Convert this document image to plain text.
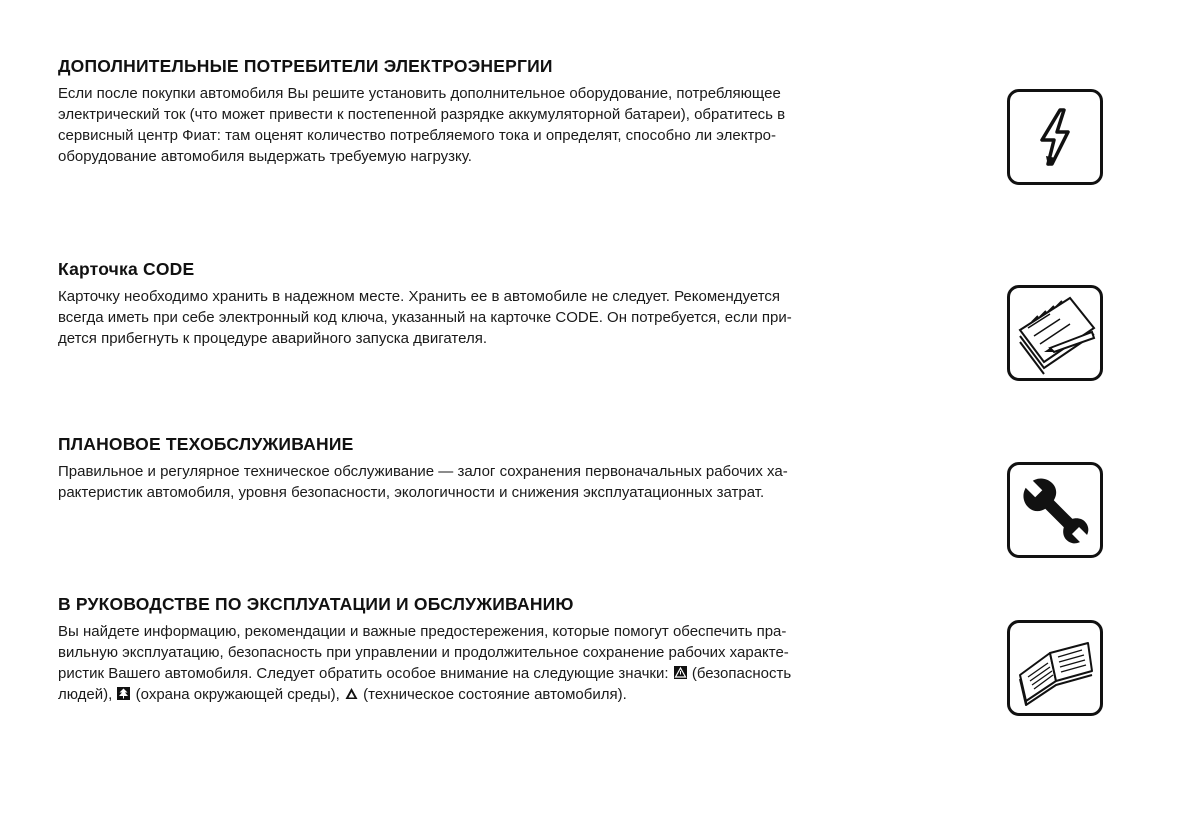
ДОПОЛНИТЕЛЬНЫЕ ПОТРЕБИТЕЛИ ЭЛЕКТРОЭНЕРГИИ

Если после покупки автомобиля Вы решите установить дополнительное оборудование, потребляющее
электрический ток (что может привести к постепенной разрядке аккумуляторной батареи), обратитесь в
сервисный центр Фиат: там оценят количество потребляемого тока и определят, способно ли электро-
оборудование автомобиля выдержать требуемую нагрузку.

Карточка CODE

Карточку необходимо хранить в надежном месте. Хранить ее в автомобиле не следует. Рекомендуется
всегда иметь при себе электронный код ключа, указанный на карточке CODE. Он потребуется, если при-
дется прибегнуть к процедуре аварийного запуска двигателя.

ПЛАНОВОЕ ТЕХОБСЛУЖИВАНИЕ

Правильное и регулярное техническое обслуживание — залог сохранения первоначальных рабочих ха-
рактеристик автомобиля, уровня безопасности, экологичности и снижения эксплуатационных затрат.

В РУКОВОДСТВЕ ПО ЭКСПЛУАТАЦИИ И ОБСЛУЖИВАНИЮ

Вы найдете информацию, рекомендации и важные предостережения, которые помогут обеспечить пра-
вильную эксплуатацию, безопасность при управлении и продолжительное сохранение рабочих характе-
ристик Вашего автомобиля. Следует обратить особое внимание на следующие значки:
(безопасность
людей),
(охрана окружающей среды),
(техническое состояние автомобиля).
